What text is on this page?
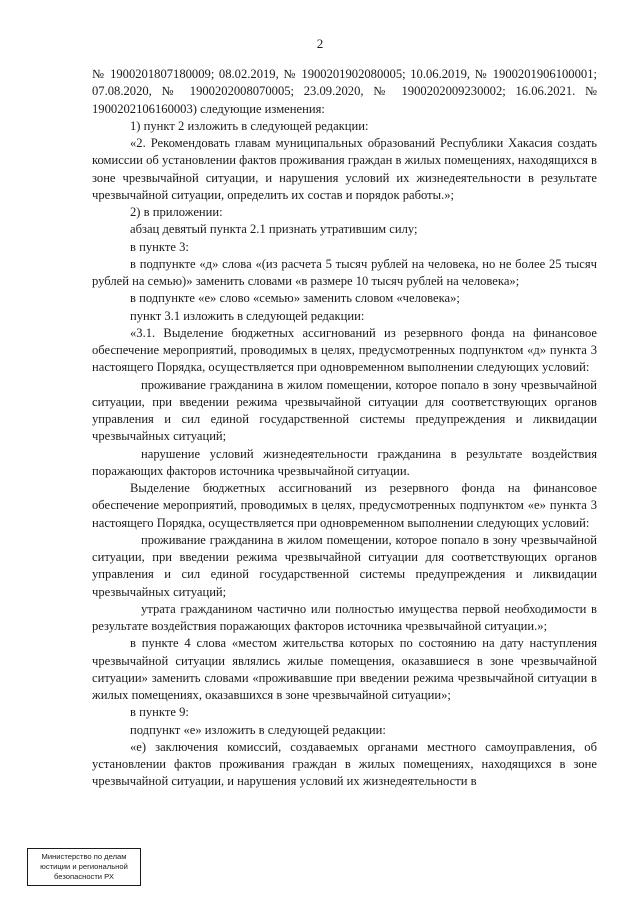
2

№ 1900201807180009; 08.02.2019, № 1900201902080005; 10.06.2019, № 1900201906100001; 07.08.2020, № 1900202008070005; 23.09.2020, № 1900202009230002; 16.06.2021. № 1900202106160003) следующие изменения:

1) пункт 2 изложить в следующей редакции:

«2. Рекомендовать главам муниципальных образований Республики Хакасия создать комиссии об установлении фактов проживания граждан в жилых помещениях, находящихся в зоне чрезвычайной ситуации, и нарушения условий их жизнедеятельности в результате чрезвычайной ситуации, определить их состав и порядок работы.»;

2) в приложении:

абзац девятый пункта 2.1 признать утратившим силу;

в пункте 3:

в подпункте «д» слова «(из расчета 5 тысяч рублей на человека, но не более 25 тысяч рублей на семью)» заменить словами «в размере 10 тысяч рублей на человека»;

в подпункте «е» слово «семью» заменить словом «человека»;

пункт 3.1 изложить в следующей редакции:

«3.1. Выделение бюджетных ассигнований из резервного фонда на финансовое обеспечение мероприятий, проводимых в целях, предусмотренных подпунктом «д» пункта 3 настоящего Порядка, осуществляется при одновременном выполнении следующих условий:

проживание гражданина в жилом помещении, которое попало в зону чрезвычайной ситуации, при введении режима чрезвычайной ситуации для соответствующих органов управления и сил единой государственной системы предупреждения и ликвидации чрезвычайных ситуаций;

нарушение условий жизнедеятельности гражданина в результате воздействия поражающих факторов источника чрезвычайной ситуации.

Выделение бюджетных ассигнований из резервного фонда на финансовое обеспечение мероприятий, проводимых в целях, предусмотренных подпунктом «е» пункта 3 настоящего Порядка, осуществляется при одновременном выполнении следующих условий:

проживание гражданина в жилом помещении, которое попало в зону чрезвычайной ситуации, при введении режима чрезвычайной ситуации для соответствующих органов управления и сил единой государственной системы предупреждения и ликвидации чрезвычайных ситуаций;

утрата гражданином частично или полностью имущества первой необходимости в результате воздействия поражающих факторов источника чрезвычайной ситуации.»;

в пункте 4 слова «местом жительства которых по состоянию на дату наступления чрезвычайной ситуации являлись жилые помещения, оказавшиеся в зоне чрезвычайной ситуации» заменить словами «проживавшие при введении режима чрезвычайной ситуации в жилых помещениях, оказавшихся в зоне чрезвычайной ситуации»;

в пункте 9:

подпункт «е» изложить в следующей редакции:

«е) заключения комиссий, создаваемых органами местного самоуправления, об установлении фактов проживания граждан в жилых помещениях, находящихся в зоне чрезвычайной ситуации, и нарушения условий их жизнедеятельности в

Министерство по делам
юстиции и региональной
безопасности РХ
